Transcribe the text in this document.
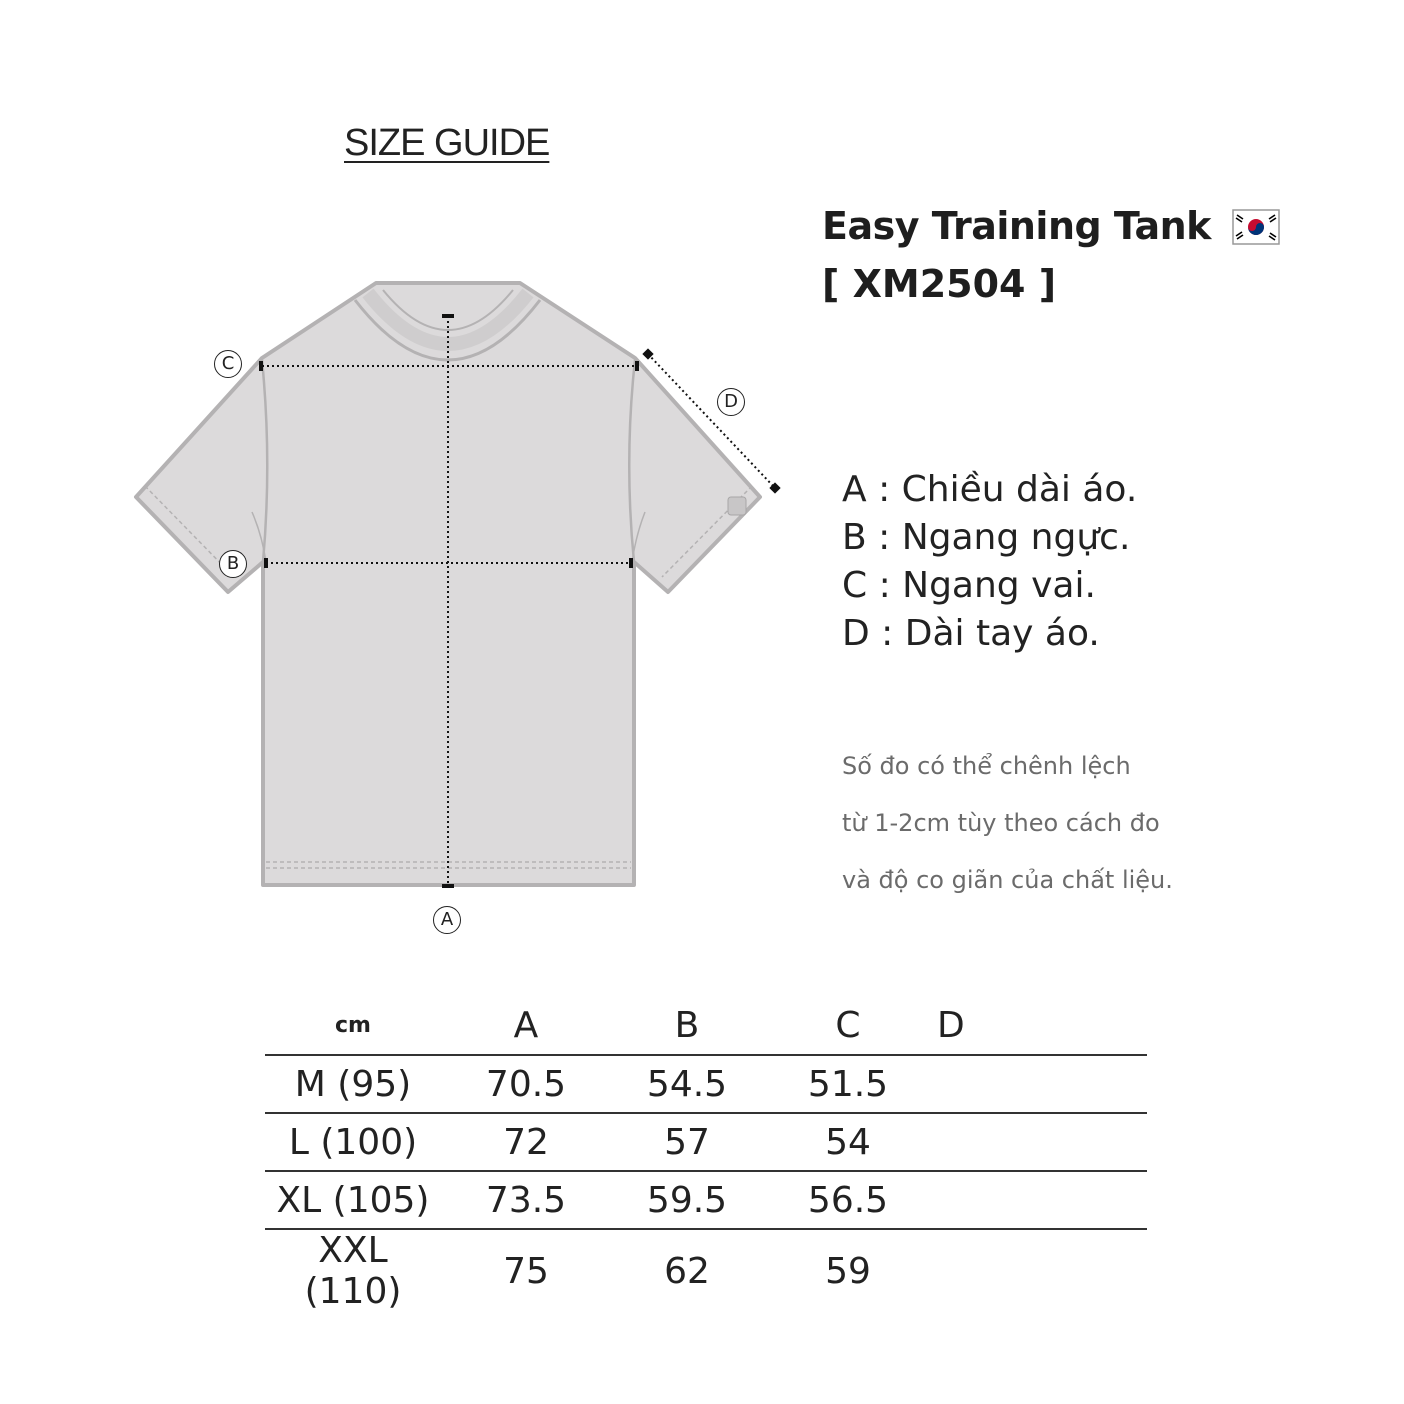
SIZE GUIDE
Easy Training Tank
[ XM2504 ]
A
B
C
D
A : Chiều dài áo.
B : Ngang ngực.
C : Ngang vai.
D : Dài tay áo.
Số đo có thể chênh lệch
từ 1-2cm tùy theo cách đo
và độ co giãn của chất liệu.
cm	A	B	C	D
M (95)	70.5	54.5	51.5	
L (100)	72	57	54	
XL (105)	73.5	59.5	56.5	
XXL (110)	75	62	59	
